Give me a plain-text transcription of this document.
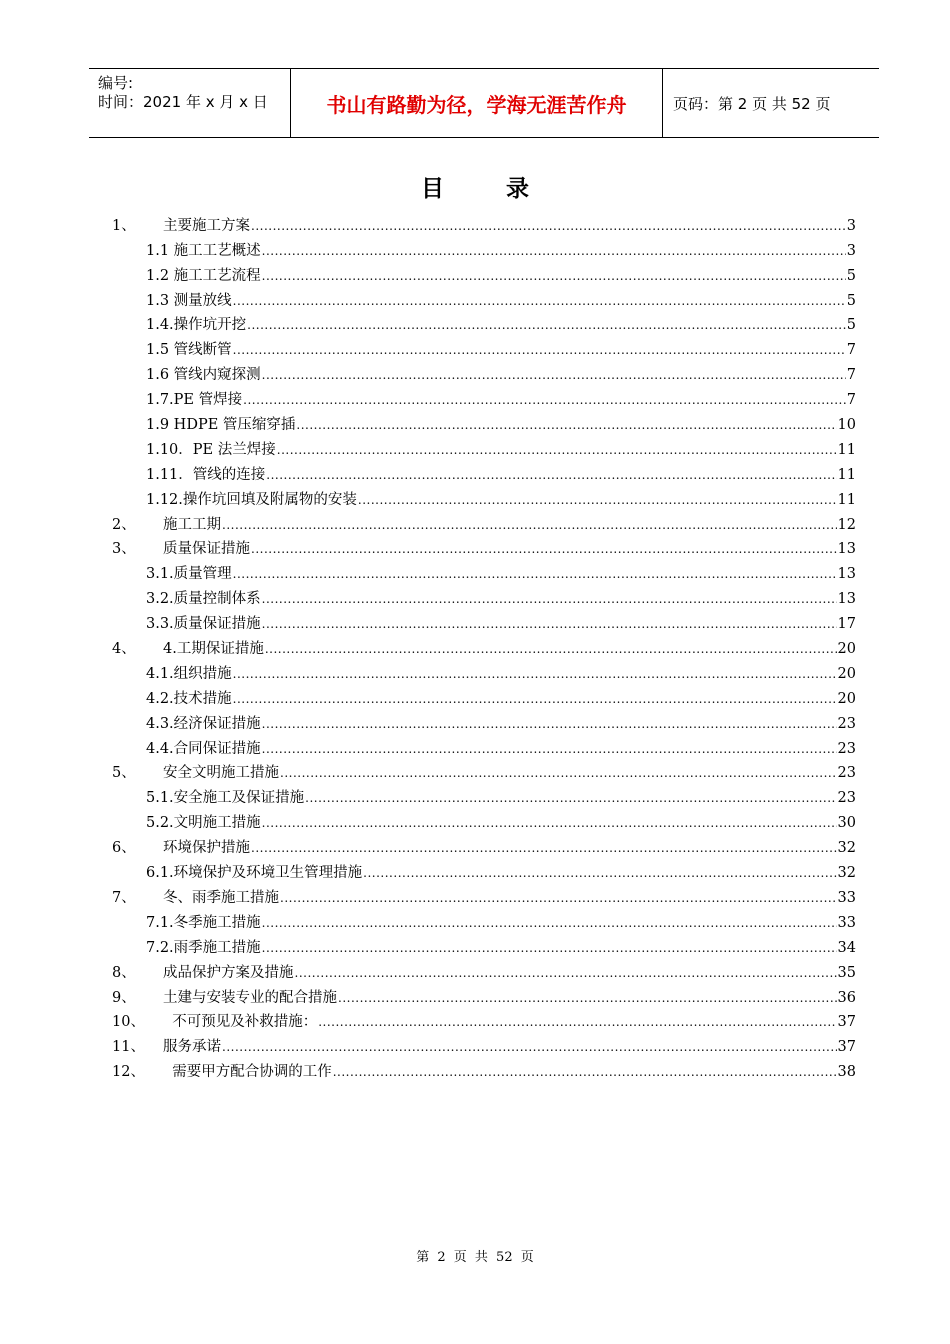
编号:
时间：2021 年 x 月 x 日	书山有路勤为径，学海无涯苦作舟	页码：第 2 页 共 52 页
目录
1、	主要施工方案 .....	3
1.1 施工工艺概述 .....	3
1.2 施工工艺流程 .....	5
1.3 测量放线 .....	5
1.4.操作坑开挖 .....	5
1.5 管线断管 .....	7
1.6 管线内窥探测 .....	7
1.7.PE 管焊接 .....	7
1.9 HDPE 管压缩穿插 .....	10
1.10．PE 法兰焊接 .....	11
1.11．管线的连接 .....	11
1.12.操作坑回填及附属物的安装 .....	11
2、	施工工期 .....	12
3、	质量保证措施 .....	13
3.1.质量管理 .....	13
3.2.质量控制体系 .....	13
3.3.质量保证措施 .....	17
4、	4.工期保证措施 .....	20
4.1.组织措施 .....	20
4.2.技术措施 .....	20
4.3.经济保证措施 .....	23
4.4.合同保证措施 .....	23
5、	安全文明施工措施 .....	23
5.1.安全施工及保证措施 .....	23
5.2.文明施工措施 .....	30
6、	环境保护措施 .....	32
6.1.环境保护及环境卫生管理措施 .....	32
7、	冬、雨季施工措施 .....	33
7.1.冬季施工措施 .....	33
7.2.雨季施工措施 .....	34
8、	成品保护方案及措施 .....	35
9、	土建与安装专业的配合措施 .....	36
10、	不可预见及补救措施： .....	37
11、	服务承诺 .....	37
12、	需要甲方配合协调的工作 .....	38
第 2 页 共 52 页
